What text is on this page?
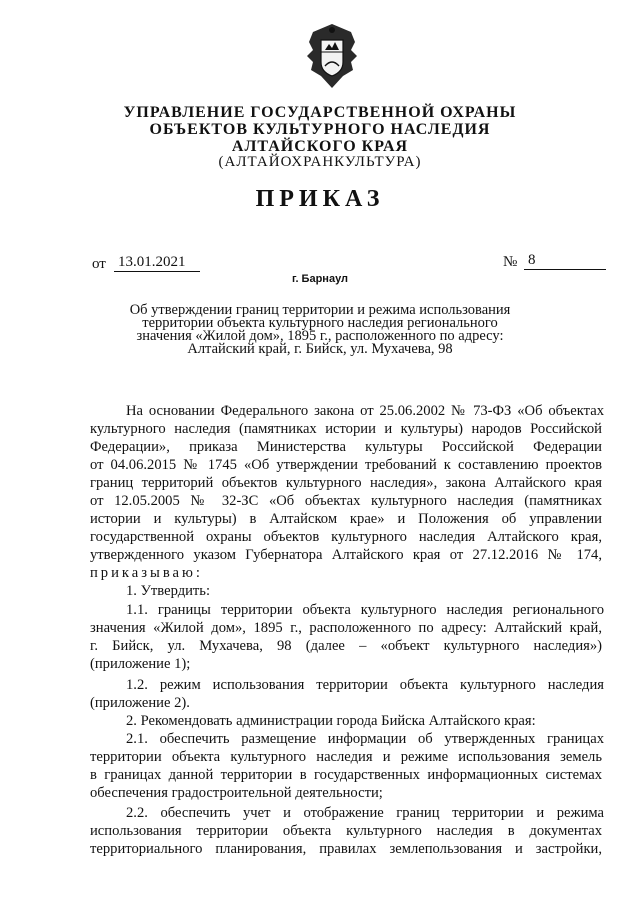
УПРАВЛЕНИЕ ГОСУДАРСТВЕННОЙ ОХРАНЫ
ОБЪЕКТОВ КУЛЬТУРНОГО НАСЛЕДИЯ
АЛТАЙСКОГО КРАЯ
(АЛТАЙОХРАНКУЛЬТУРА)
ПРИКАЗ
от 13.01.2021	№ 8
г. Барнаул
Об утверждении границ территории и режима использования
территории объекта культурного наследия регионального
значения «Жилой дом», 1895 г., расположенного по адресу:
Алтайский край, г. Бийск, ул. Мухачева, 98
На основании Федерального закона от 25.06.2002 № 73-ФЗ «Об объектах
культурного наследия (памятниках истории и культуры) народов Российской
Федерации», приказа Министерства культуры Российской Федерации
от 04.06.2015 № 1745 «Об утверждении требований к составлению проектов
границ территорий объектов культурного наследия», закона Алтайского края
от 12.05.2005 № 32-ЗС «Об объектах культурного наследия (памятниках
истории и культуры) в Алтайском крае» и Положения об управлении
государственной охраны объектов культурного наследия Алтайского края,
утвержденного указом Губернатора Алтайского края от 27.12.2016 № 174,
приказываю:
1. Утвердить:
1.1. границы территории объекта культурного наследия регионального
значения «Жилой дом», 1895 г., расположенного по адресу: Алтайский край,
г. Бийск, ул. Мухачева, 98 (далее – «объект культурного наследия»)
(приложение 1);
1.2. режим использования территории объекта культурного наследия
(приложение 2).
2. Рекомендовать администрации города Бийска Алтайского края:
2.1. обеспечить размещение информации об утвержденных границах
территории объекта культурного наследия и режиме использования земель
в границах данной территории в государственных информационных системах
обеспечения градостроительной деятельности;
2.2. обеспечить учет и отображение границ территории и режима
использования территории объекта культурного наследия в документах
территориального планирования, правилах землепользования и застройки,
